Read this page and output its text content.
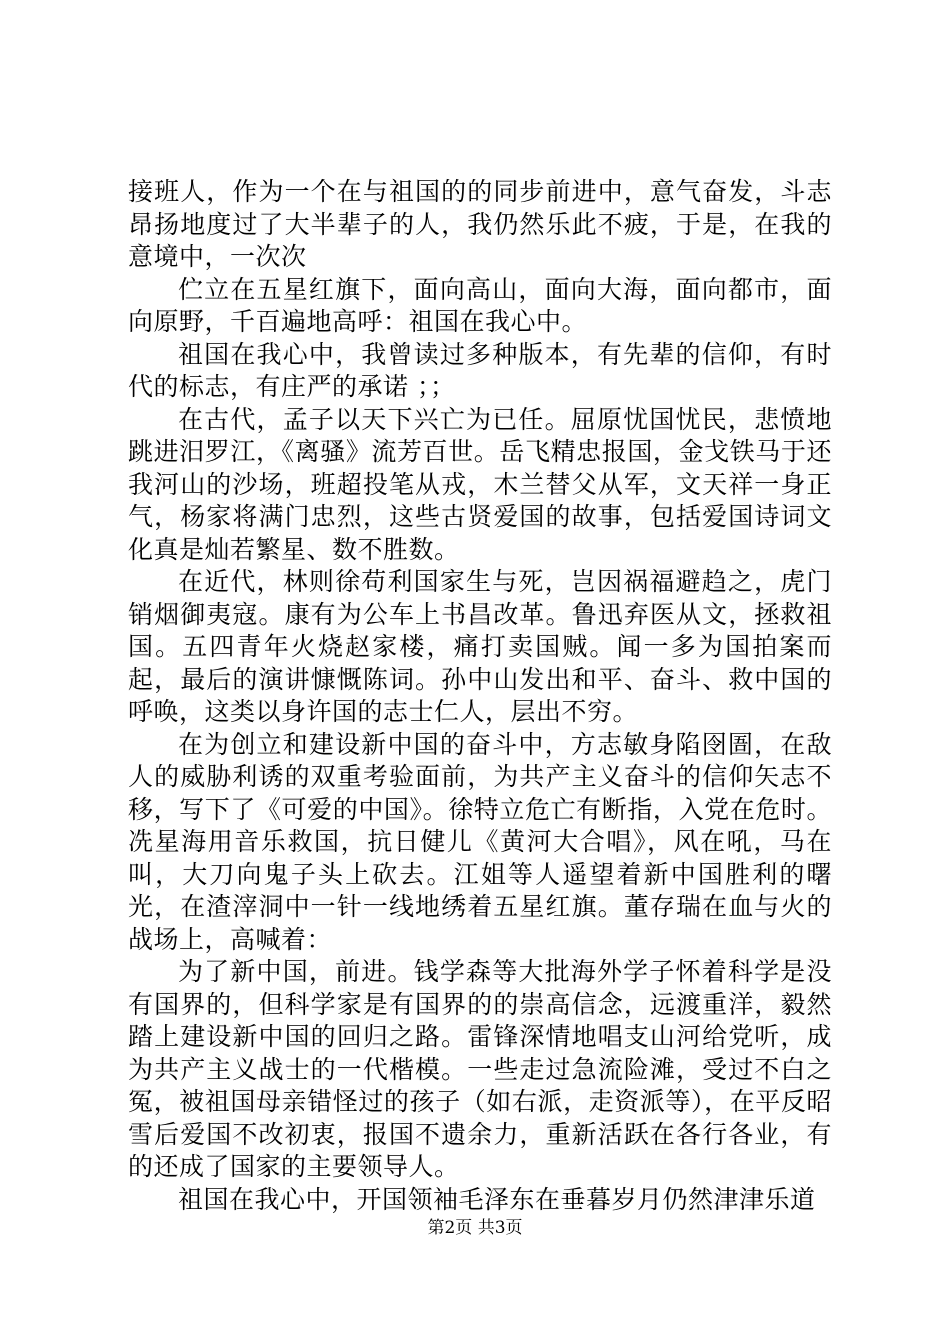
接班人，作为一个在与祖国的的同步前进中，意气奋发，斗志昂扬地度过了大半辈子的人，我仍然乐此不疲，于是，在我的意境中，一次次

伫立在五星红旗下，面向高山，面向大海，面向都市，面向原野，千百遍地高呼：祖国在我心中。

祖国在我心中，我曾读过多种版本，有先辈的信仰，有时代的标志，有庄严的承诺 ；；

在古代，孟子以天下兴亡为已任。屈原忧国忧民，悲愤地跳进汨罗江，《离骚》流芳百世。岳飞精忠报国，金戈铁马于还我河山的沙场，班超投笔从戎，木兰替父从军，文天祥一身正气，杨家将满门忠烈，这些古贤爱国的故事，包括爱国诗词文化真是灿若繁星、数不胜数。

在近代，林则徐苟利国家生与死，岂因祸福避趋之，虎门销烟御夷寇。康有为公车上书昌改革。鲁迅弃医从文，拯救祖国。五四青年火烧赵家楼，痛打卖国贼。闻一多为国拍案而起，最后的演讲慷慨陈词。孙中山发出和平、奋斗、救中国的呼唤，这类以身许国的志士仁人，层出不穷。

在为创立和建设新中国的奋斗中，方志敏身陷囹圄，在敌人的威胁利诱的双重考验面前，为共产主义奋斗的信仰矢志不移，写下了《可爱的中国》。徐特立危亡有断指，入党在危时。冼星海用音乐救国，抗日健儿《黄河大合唱》，风在吼，马在叫，大刀向鬼子头上砍去。江姐等人遥望着新中国胜利的曙光，在渣滓洞中一针一线地绣着五星红旗。董存瑞在血与火的战场上，高喊着：

为了新中国，前进。钱学森等大批海外学子怀着科学是没有国界的，但科学家是有国界的的崇高信念，远渡重洋，毅然踏上建设新中国的回归之路。雷锋深情地唱支山河给党听，成为共产主义战士的一代楷模。一些走过急流险滩，受过不白之冤，被祖国母亲错怪过的孩子（如右派，走资派等），在平反昭雪后爱国不改初衷，报国不遗余力，重新活跃在各行各业，有的还成了国家的主要领导人。

祖国在我心中，开国领袖毛泽东在垂暮岁月仍然津津乐道

第2页 共3页
